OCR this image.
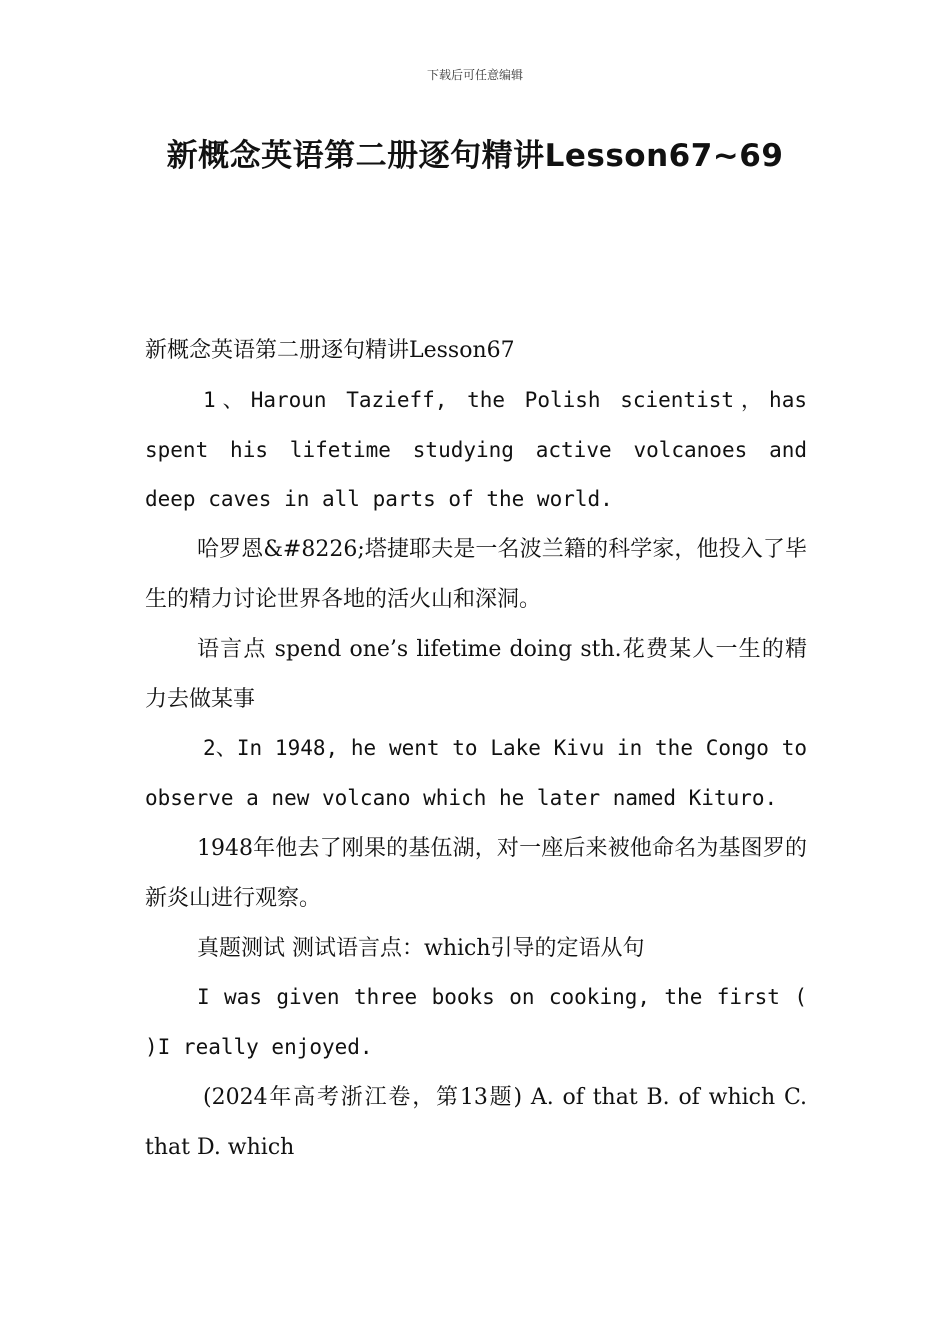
下载后可任意编辑
新概念英语第二册逐句精讲Lesson67~69

新概念英语第二册逐句精讲Lesson67

1、Haroun Tazieff, the Polish scientist，has spent his lifetime studying active volcanoes and deep caves in all parts of the world.

哈罗恩&#8226;塔捷耶夫是一名波兰籍的科学家，他投入了毕生的精力讨论世界各地的活火山和深洞。

语言点 spend one’s lifetime doing sth.花费某人一生的精力去做某事

2、In 1948, he went to Lake Kivu in the Congo to observe a new volcano which he later named Kituro.

1948年他去了刚果的基伍湖，对一座后来被他命名为基图罗的新炎山进行观察。

真题测试 测试语言点：which引导的定语从句

I was given three books on cooking, the first ( )I really enjoyed.

(2024年高考浙江卷，第13题) A. of that B. of which C. that D. which
